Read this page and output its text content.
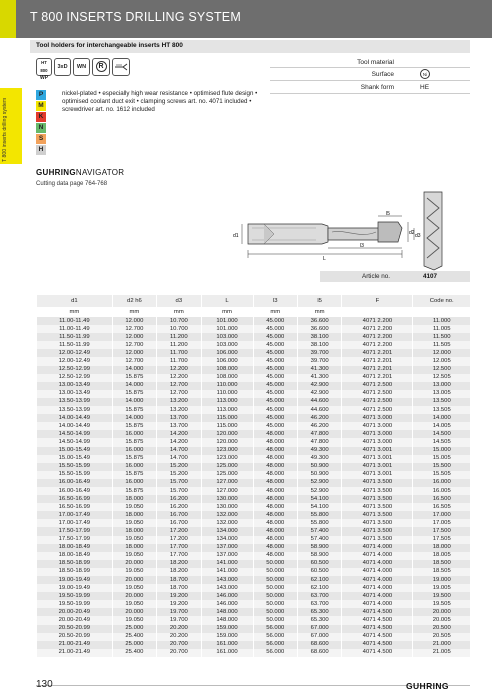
T 800 INSERTS DRILLING SYSTEM
T 800 inserts drilling system
Tool holders for interchangeable inserts HT 800
HT 800
WP
3xD	WN	R
Tool material
Surface	Ni
Shank form	HE
P
M
K
N
S
H
nickel-plated • especially high wear resistance • optimised flute design • optimised coolant duct exit • clamping screws art. no. 4071 included • screwdriver art. no. 1612 included
GUHRINGNAVIGATOR
Cutting data page 764-768
d1
L
l3
l5
d2 d3
Article no.	4107
d1	d2 h6	d3	L	l3	l5	F	Code no.
mm	mm	mm	mm	mm	mm		
11.00-11.49	12.000	10.700	101.000	45.000	36.600	4071 2.200	11.000
11.00-11.49	12.700	10.700	101.000	45.000	36.600	4071 2.200	11.005
11.50-11.99	12.000	11.200	103.000	45.000	38.100	4071 2.200	11.500
11.50-11.99	12.700	11.200	103.000	45.000	38.100	4071 2.200	11.505
12.00-12.49	12.000	11.700	106.000	45.000	39.700	4071 2.201	12.000
12.00-12.49	12.700	11.700	106.000	45.000	39.700	4071 2.201	12.005
12.50-12.99	14.000	12.200	108.000	45.000	41.300	4071 2.201	12.500
12.50-12.99	15.875	12.200	108.000	45.000	41.300	4071 2.201	12.505
13.00-13.49	14.000	12.700	110.000	45.000	42.900	4071 2.500	13.000
13.00-13.49	15.875	12.700	110.000	45.000	42.900	4071 2.500	13.005
13.50-13.99	14.000	13.200	113.000	45.000	44.600	4071 2.500	13.500
13.50-13.99	15.875	13.200	113.000	45.000	44.600	4071 2.500	13.505
14.00-14.49	14.000	13.700	115.000	45.000	46.200	4071 3.000	14.000
14.00-14.49	15.875	13.700	115.000	45.000	46.200	4071 3.000	14.005
14.50-14.99	16.000	14.200	120.000	48.000	47.800	4071 3.000	14.500
14.50-14.99	15.875	14.200	120.000	48.000	47.800	4071 3.000	14.505
15.00-15.49	16.000	14.700	123.000	48.000	49.300	4071 3.001	15.000
15.00-15.49	15.875	14.700	123.000	48.000	49.300	4071 3.001	15.005
15.50-15.99	16.000	15.200	125.000	48.000	50.900	4071 3.001	15.500
15.50-15.99	15.875	15.200	125.000	48.000	50.900	4071 3.001	15.505
16.00-16.49	16.000	15.700	127.000	48.000	52.900	4071 3.500	16.000
16.00-16.49	15.875	15.700	127.000	48.000	52.900	4071 3.500	16.005
16.50-16.99	18.000	16.200	130.000	48.000	54.100	4071 3.500	16.500
16.50-16.99	19.050	16.200	130.000	48.000	54.100	4071 3.500	16.505
17.00-17.49	18.000	16.700	132.000	48.000	55.800	4071 3.500	17.000
17.00-17.49	19.050	16.700	132.000	48.000	55.800	4071 3.500	17.005
17.50-17.99	18.000	17.200	134.000	48.000	57.400	4071 3.500	17.500
17.50-17.99	19.050	17.200	134.000	48.000	57.400	4071 3.500	17.505
18.00-18.49	18.000	17.700	137.000	48.000	58.900	4071 4.000	18.000
18.00-18.49	19.050	17.700	137.000	48.000	58.900	4071 4.000	18.005
18.50-18.99	20.000	18.200	141.000	50.000	60.500	4071 4.000	18.500
18.50-18.99	19.050	18.200	141.000	50.000	60.500	4071 4.000	18.505
19.00-19.49	20.000	18.700	143.000	50.000	62.100	4071 4.000	19.000
19.00-19.49	19.050	18.700	143.000	50.000	62.100	4071 4.000	19.005
19.50-19.99	20.000	19.200	146.000	50.000	63.700	4071 4.000	19.500
19.50-19.99	19.050	19.200	146.000	50.000	63.700	4071 4.000	19.505
20.00-20.49	20.000	19.700	148.000	50.000	65.300	4071 4.500	20.000
20.00-20.49	19.050	19.700	148.000	50.000	65.300	4071 4.500	20.005
20.50-20.99	25.000	20.200	159.000	56.000	67.000	4071 4.500	20.500
20.50-20.99	25.400	20.200	159.000	56.000	67.000	4071 4.500	20.505
21.00-21.49	25.000	20.700	161.000	56.000	68.600	4071 4.500	21.000
21.00-21.49	25.400	20.700	161.000	56.000	68.600	4071 4.500	21.005
130	GUHRING
